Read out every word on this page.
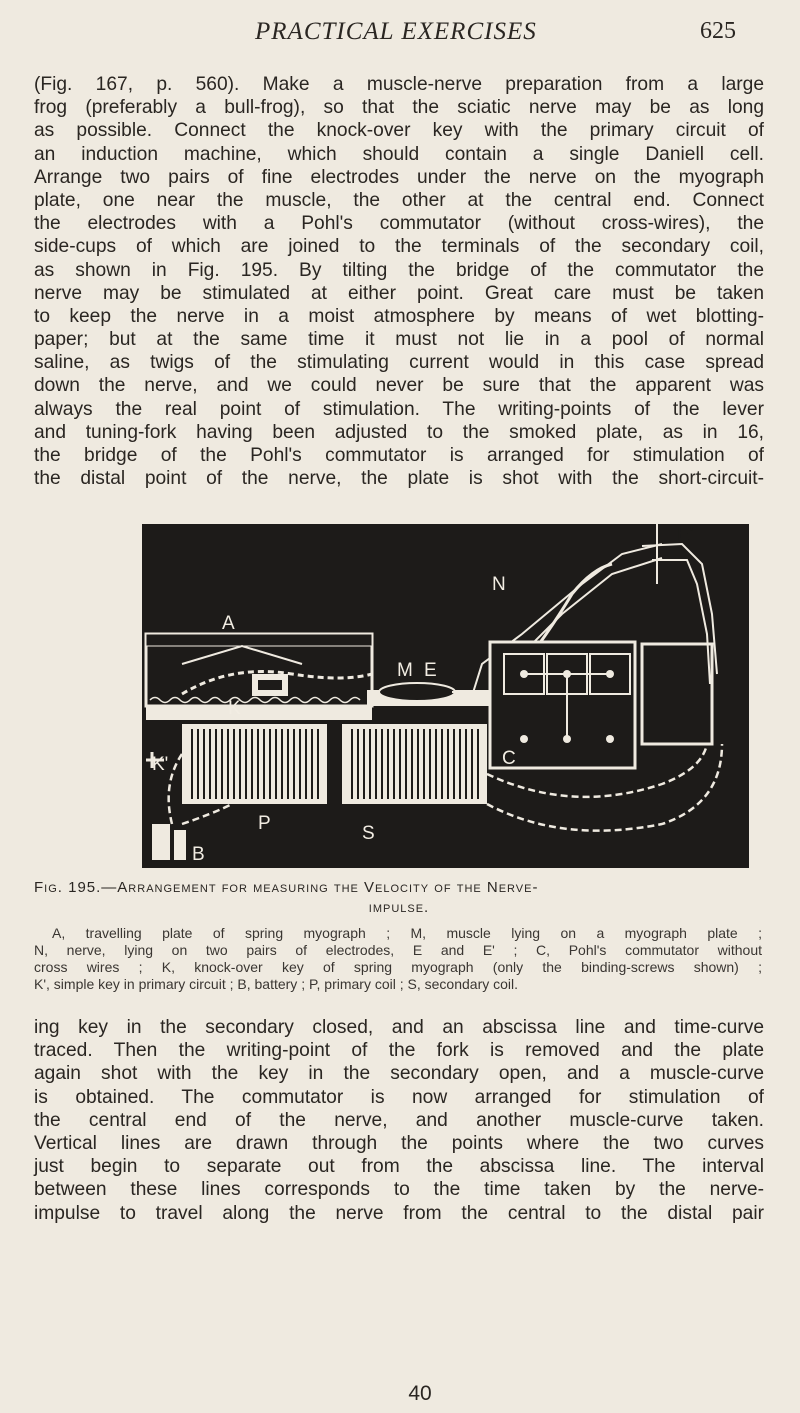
PRACTICAL EXERCISES	625
(Fig. 167, p. 560). Make a muscle-nerve preparation from a large
frog (preferably a bull-frog), so that the sciatic nerve may be as long
as possible. Connect the knock-over key with the primary circuit of
an induction machine, which should contain a single Daniell cell.
Arrange two pairs of fine electrodes under the nerve on the myograph
plate, one near the muscle, the other at the central end. Connect
the electrodes with a Pohl's commutator (without cross-wires), the
side-cups of which are joined to the terminals of the secondary coil,
as shown in Fig. 195. By tilting the bridge of the commutator the
nerve may be stimulated at either point. Great care must be taken
to keep the nerve in a moist atmosphere by means of wet blotting-
paper; but at the same time it must not lie in a pool of normal
saline, as twigs of the stimulating current would in this case spread
down the nerve, and we could never be sure that the apparent was
always the real point of stimulation. The writing-points of the lever
and tuning-fork having been adjusted to the smoked plate, as in 16,
the bridge of the Pohl's commutator is arranged for stimulation of
the distal point of the nerve, the plate is shot with the short-circuit-
A
M E
E'
N
K
K'	C
P	S
B
Fig. 195.—Arrangement for measuring the Velocity of the Nerve-
impulse.
A, travelling plate of spring myograph ; M, muscle lying on a myograph plate ;
N, nerve, lying on two pairs of electrodes, E and E' ; C, Pohl's commutator without
cross wires ; K, knock-over key of spring myograph (only the binding-screws shown) ;
K', simple key in primary circuit ; B, battery ; P, primary coil ; S, secondary coil.
ing key in the secondary closed, and an abscissa line and time-curve
traced. Then the writing-point of the fork is removed and the plate
again shot with the key in the secondary open, and a muscle-curve
is obtained. The commutator is now arranged for stimulation of
the central end of the nerve, and another muscle-curve taken.
Vertical lines are drawn through the points where the two curves
just begin to separate out from the abscissa line. The interval
between these lines corresponds to the time taken by the nerve-
impulse to travel along the nerve from the central to the distal pair
40
